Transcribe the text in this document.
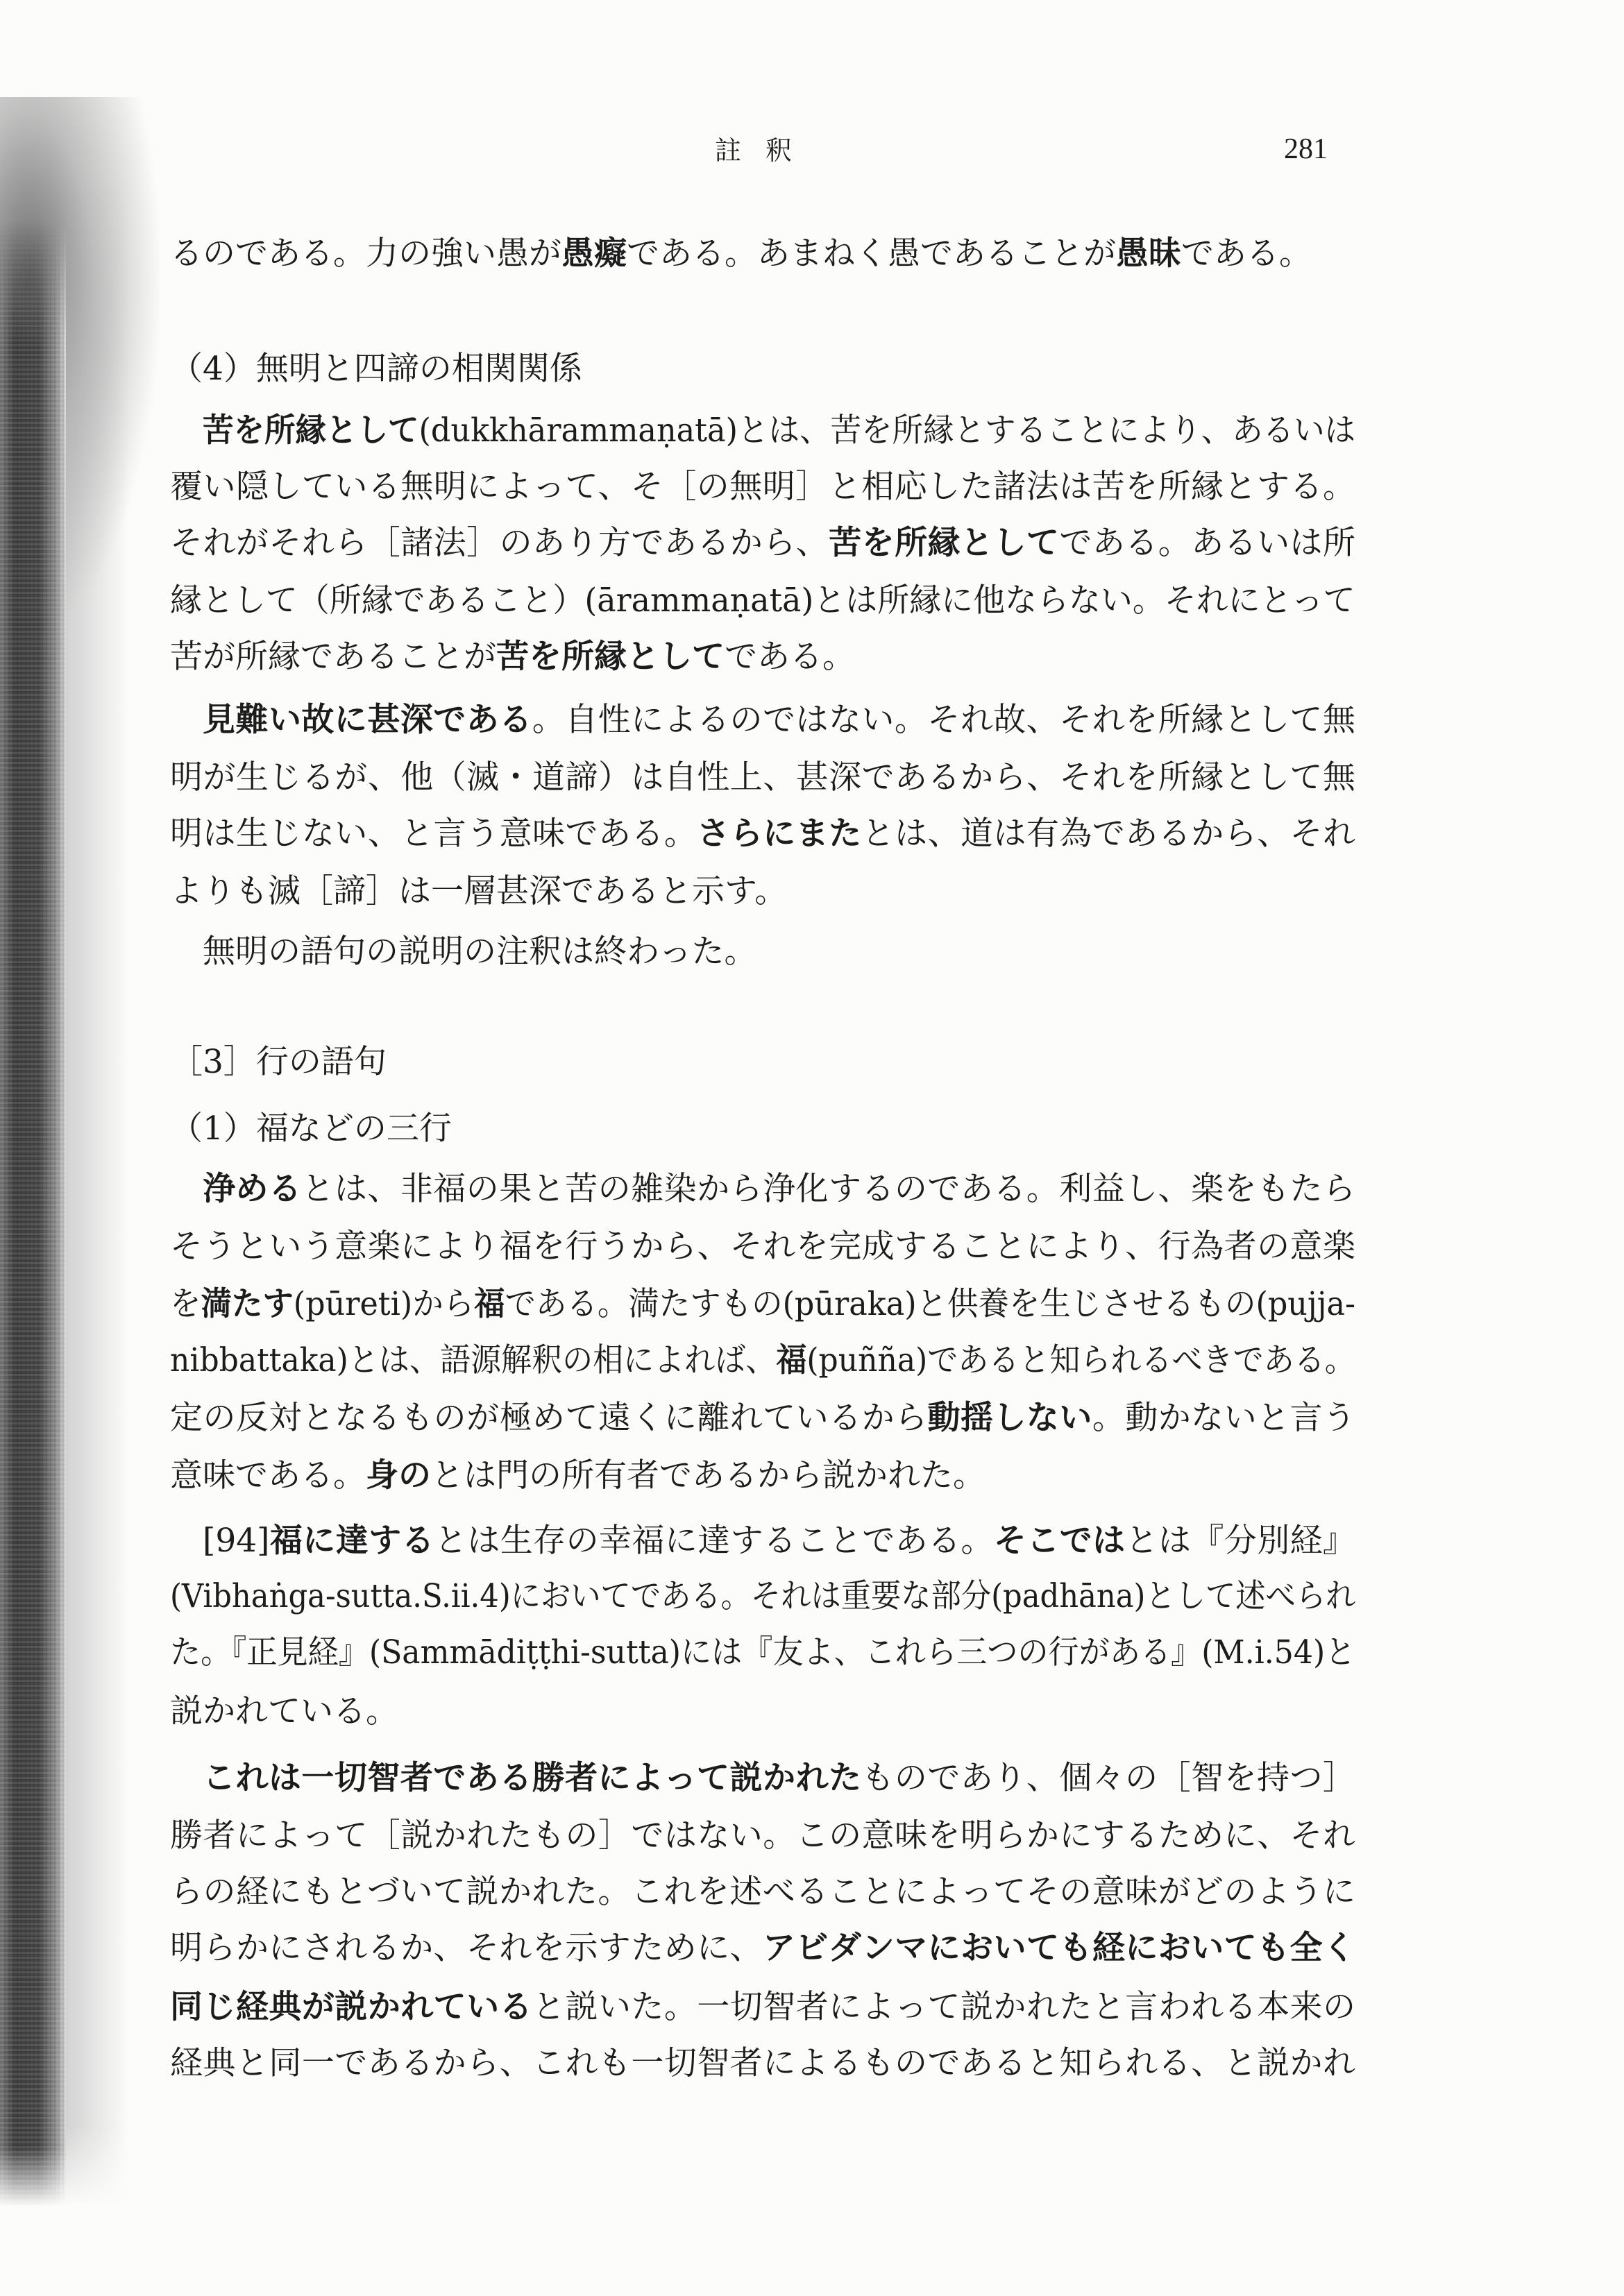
註 釈	281
るのである。力の強い愚が愚癡である。あまねく愚であることが愚昧である。
（4）無明と四諦の相関関係
苦を所縁として(dukkhārammaṇatā)とは、苦を所縁とすることにより、あるいは
覆い隠している無明によって、そ［の無明］と相応した諸法は苦を所縁とする。
それがそれら［諸法］のあり方であるから、苦を所縁としてである。あるいは所
縁として（所縁であること）(ārammaṇatā)とは所縁に他ならない。それにとって
苦が所縁であることが苦を所縁としてである。
見難い故に甚深である。自性によるのではない。それ故、それを所縁として無
明が生じるが、他（滅・道諦）は自性上、甚深であるから、それを所縁として無
明は生じない、と言う意味である。さらにまたとは、道は有為であるから、それ
よりも滅［諦］は一層甚深であると示す。
無明の語句の説明の注釈は終わった。
［3］行の語句
（1）福などの三行
浄めるとは、非福の果と苦の雑染から浄化するのである。利益し、楽をもたら
そうという意楽により福を行うから、それを完成することにより、行為者の意楽
を満たす(pūreti)から福である。満たすもの(pūraka)と供養を生じさせるもの(pujja-
nibbattaka)とは、語源解釈の相によれば、福(puñña)であると知られるべきである。
定の反対となるものが極めて遠くに離れているから動揺しない。動かないと言う
意味である。身のとは門の所有者であるから説かれた。
[94]福に達するとは生存の幸福に達することである。そこではとは『分別経』
(Vibhaṅga-sutta.S.ii.4)においてである。それは重要な部分(padhāna)として述べられ
た。『正見経』(Sammādiṭṭhi-sutta)には『友よ、これら三つの行がある』(M.i.54)と
説かれている。
これは一切智者である勝者によって説かれたものであり、個々の［智を持つ］
勝者によって［説かれたもの］ではない。この意味を明らかにするために、それ
らの経にもとづいて説かれた。これを述べることによってその意味がどのように
明らかにされるか、それを示すために、アビダンマにおいても経においても全く
同じ経典が説かれていると説いた。一切智者によって説かれたと言われる本来の
経典と同一であるから、これも一切智者によるものであると知られる、と説かれ
